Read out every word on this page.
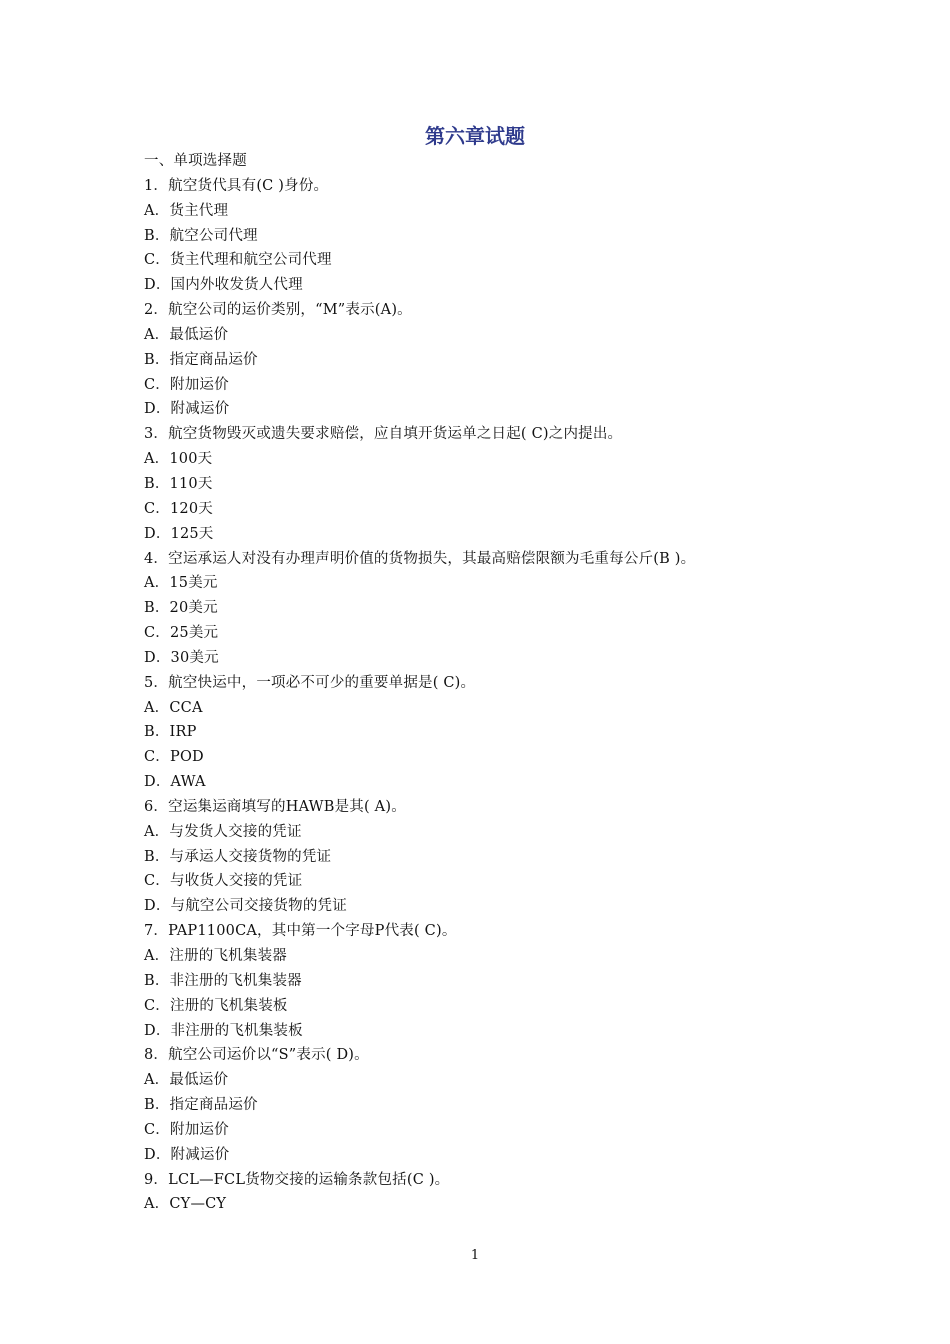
第六章试题
一、单项选择题
1．航空货代具有(C )身份。
A．货主代理
B．航空公司代理
C．货主代理和航空公司代理
D．国内外收发货人代理
2．航空公司的运价类别，“M”表示(A)。
A．最低运价
B．指定商品运价
C．附加运价
D．附减运价
3．航空货物毁灭或遗失要求赔偿，应自填开货运单之日起( C)之内提出。
A．100天
B．110天
C．120天
D．125天
4．空运承运人对没有办理声明价值的货物损失，其最高赔偿限额为毛重每公斤(B )。
A．15美元
B．20美元
C．25美元
D．30美元
5．航空快运中，一项必不可少的重要单据是( C)。
A．CCA
B．IRP
C．POD
D．AWA
6．空运集运商填写的HAWB是其( A)。
A．与发货人交接的凭证
B．与承运人交接货物的凭证
C．与收货人交接的凭证
D．与航空公司交接货物的凭证
7．PAP1100CA，其中第一个字母P代表( C)。
A．注册的飞机集装器
B．非注册的飞机集装器
C．注册的飞机集装板
D．非注册的飞机集装板
8．航空公司运价以“S”表示( D)。
A．最低运价
B．指定商品运价
C．附加运价
D．附减运价
9．LCL—FCL货物交接的运输条款包括(C )。
A．CY—CY
1
